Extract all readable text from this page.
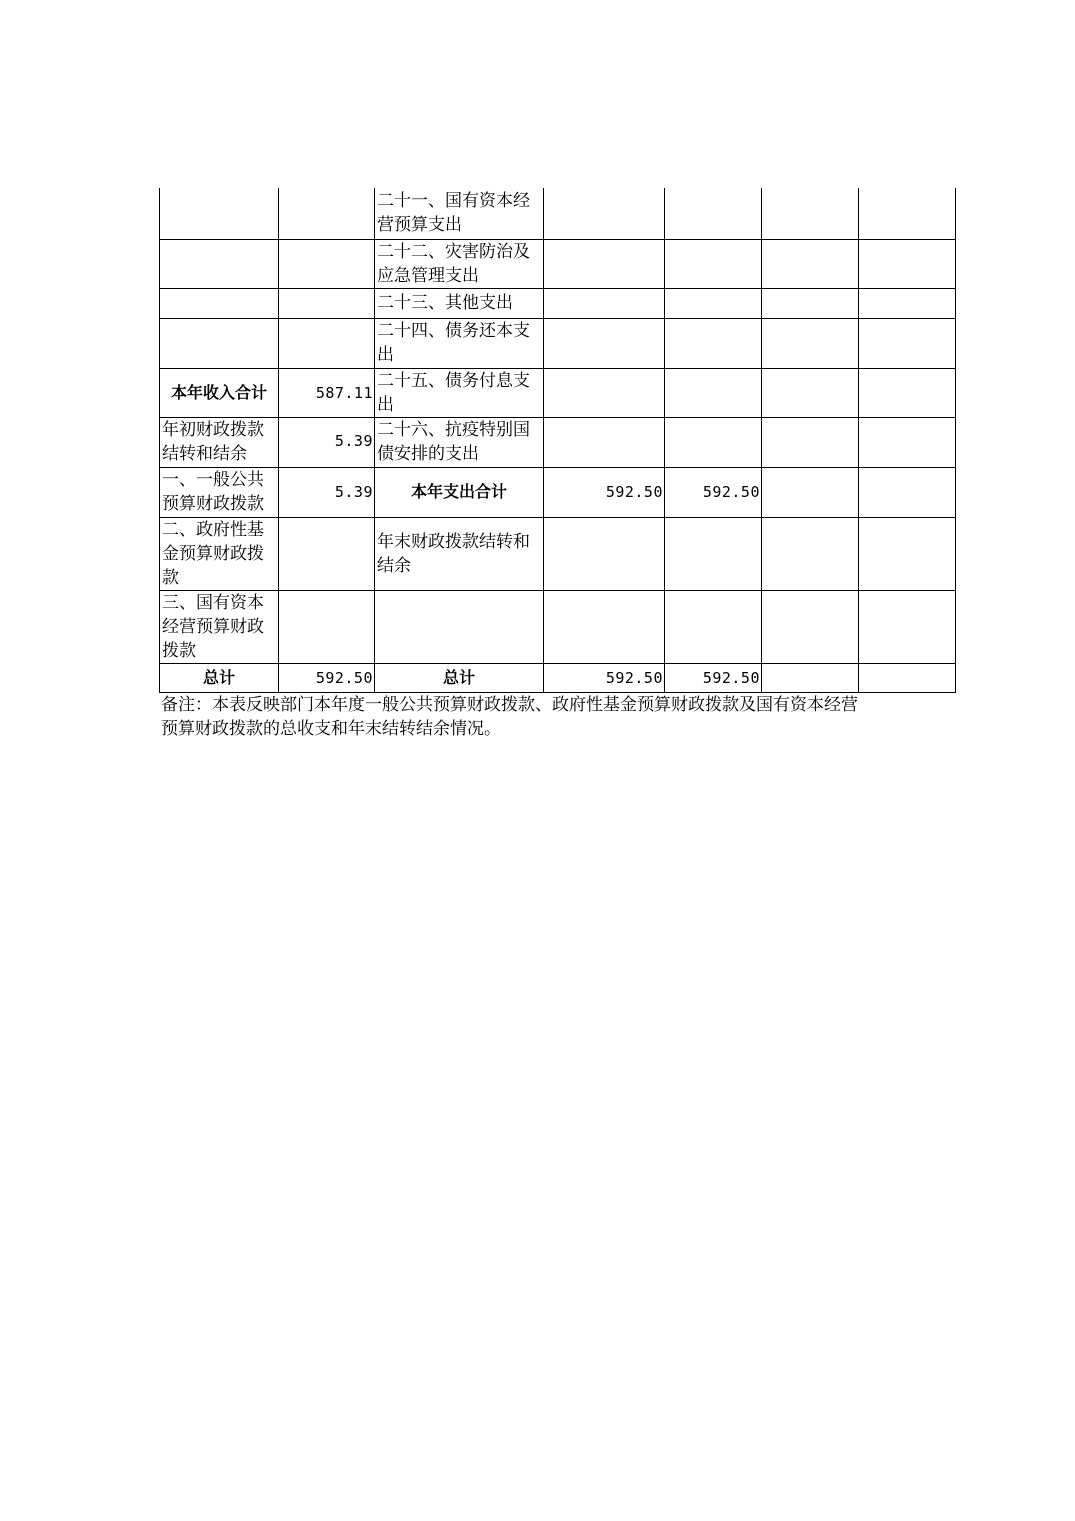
		二十一、国有资本经营预算支出				
		二十二、灾害防治及应急管理支出				
		二十三、其他支出				
		二十四、债务还本支出				
本年收入合计	587.11	二十五、债务付息支出				
年初财政拨款结转和结余	5.39	二十六、抗疫特别国债安排的支出				
一、一般公共预算财政拨款	5.39	本年支出合计	592.50	592.50		
二、政府性基金预算财政拨款		年末财政拨款结转和结余				
三、国有资本经营预算财政拨款						
总计	592.50	总计	592.50	592.50		

备注：本表反映部门本年度一般公共预算财政拨款、政府性基金预算财政拨款及国有资本经营预算财政拨款的总收支和年末结转结余情况。
